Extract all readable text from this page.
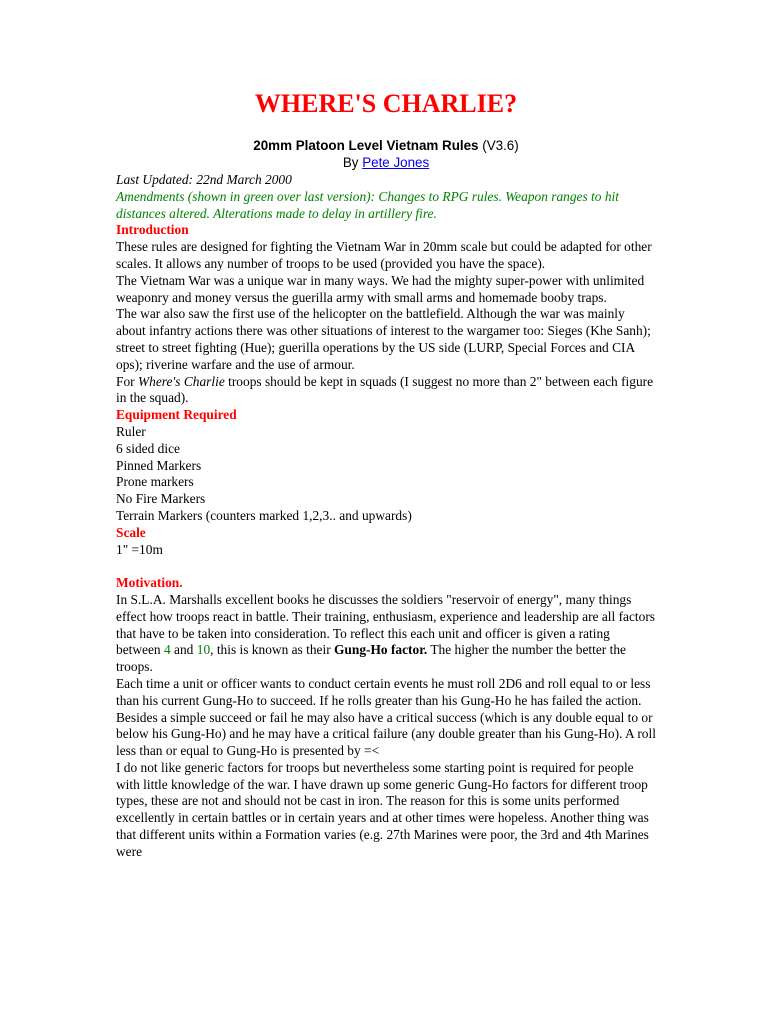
WHERE'S CHARLIE?
20mm Platoon Level Vietnam Rules (V3.6)
By Pete Jones

Last Updated: 22nd March 2000

Amendments (shown in green over last version): Changes to RPG rules. Weapon ranges to hit distances altered. Alterations made to delay in artillery fire.

Introduction

These rules are designed for fighting the Vietnam War in 20mm scale but could be adapted for other scales. It allows any number of troops to be used (provided you have the space).

The Vietnam War was a unique war in many ways. We had the mighty super-power with unlimited weaponry and money versus the guerilla army with small arms and homemade booby traps.

The war also saw the first use of the helicopter on the battlefield. Although the war was mainly about infantry actions there was other situations of interest to the wargamer too: Sieges (Khe Sanh); street to street fighting (Hue); guerilla operations by the US side (LURP, Special Forces and CIA ops); riverine warfare and the use of armour.

For Where's Charlie troops should be kept in squads (I suggest no more than 2" between each figure in the squad).

Equipment Required

Ruler

6 sided dice

Pinned Markers

Prone markers

No Fire Markers

Terrain Markers (counters marked 1,2,3.. and upwards)

Scale

1" =10m

Motivation.

In S.L.A. Marshalls excellent books he discusses the soldiers "reservoir of energy", many things effect how troops react in battle. Their training, enthusiasm, experience and leadership are all factors that have to be taken into consideration. To reflect this each unit and officer is given a rating between 4 and 10, this is known as their Gung-Ho factor. The higher the number the better the troops.

Each time a unit or officer wants to conduct certain events he must roll 2D6 and roll equal to or less than his current Gung-Ho to succeed. If he rolls greater than his Gung-Ho he has failed the action. Besides a simple succeed or fail he may also have a critical success (which is any double equal to or below his Gung-Ho) and he may have a critical failure (any double greater than his Gung-Ho). A roll less than or equal to Gung-Ho is presented by =<

I do not like generic factors for troops but nevertheless some starting point is required for people with little knowledge of the war. I have drawn up some generic Gung-Ho factors for different troop types, these are not and should not be cast in iron. The reason for this is some units performed excellently in certain battles or in certain years and at other times were hopeless. Another thing was that different units within a Formation varies (e.g. 27th Marines were poor, the 3rd and 4th Marines were
